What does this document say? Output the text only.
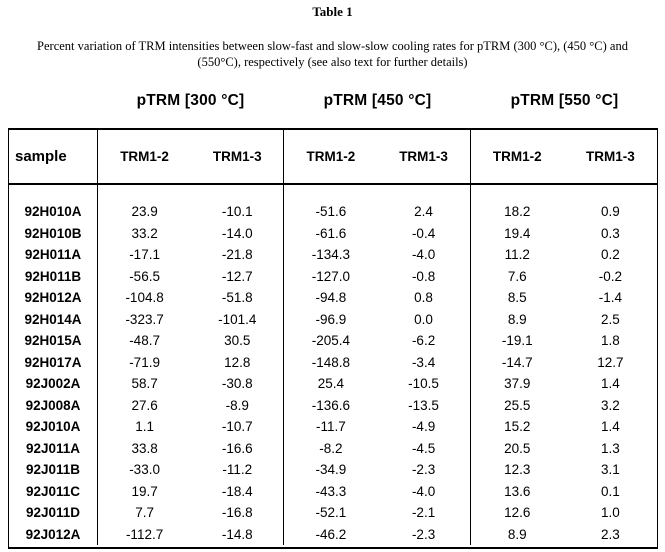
Table 1
Percent variation of TRM intensities between slow-fast and slow-slow cooling rates for pTRM (300 °C), (450 °C) and
(550°C), respectively (see also text for further details)
pTRM [300 °C]	pTRM [450 °C]	pTRM [550 °C]
sample	TRM1-2	TRM1-3	TRM1-2	TRM1-3	TRM1-2	TRM1-3
92H010A	23.9	-10.1	-51.6	2.4	18.2	0.9
92H010B	33.2	-14.0	-61.6	-0.4	19.4	0.3
92H011A	-17.1	-21.8	-134.3	-4.0	11.2	0.2
92H011B	-56.5	-12.7	-127.0	-0.8	7.6	-0.2
92H012A	-104.8	-51.8	-94.8	0.8	8.5	-1.4
92H014A	-323.7	-101.4	-96.9	0.0	8.9	2.5
92H015A	-48.7	30.5	-205.4	-6.2	-19.1	1.8
92H017A	-71.9	12.8	-148.8	-3.4	-14.7	12.7
92J002A	58.7	-30.8	25.4	-10.5	37.9	1.4
92J008A	27.6	-8.9	-136.6	-13.5	25.5	3.2
92J010A	1.1	-10.7	-11.7	-4.9	15.2	1.4
92J011A	33.8	-16.6	-8.2	-4.5	20.5	1.3
92J011B	-33.0	-11.2	-34.9	-2.3	12.3	3.1
92J011C	19.7	-18.4	-43.3	-4.0	13.6	0.1
92J011D	7.7	-16.8	-52.1	-2.1	12.6	1.0
92J012A	-112.7	-14.8	-46.2	-2.3	8.9	2.3
